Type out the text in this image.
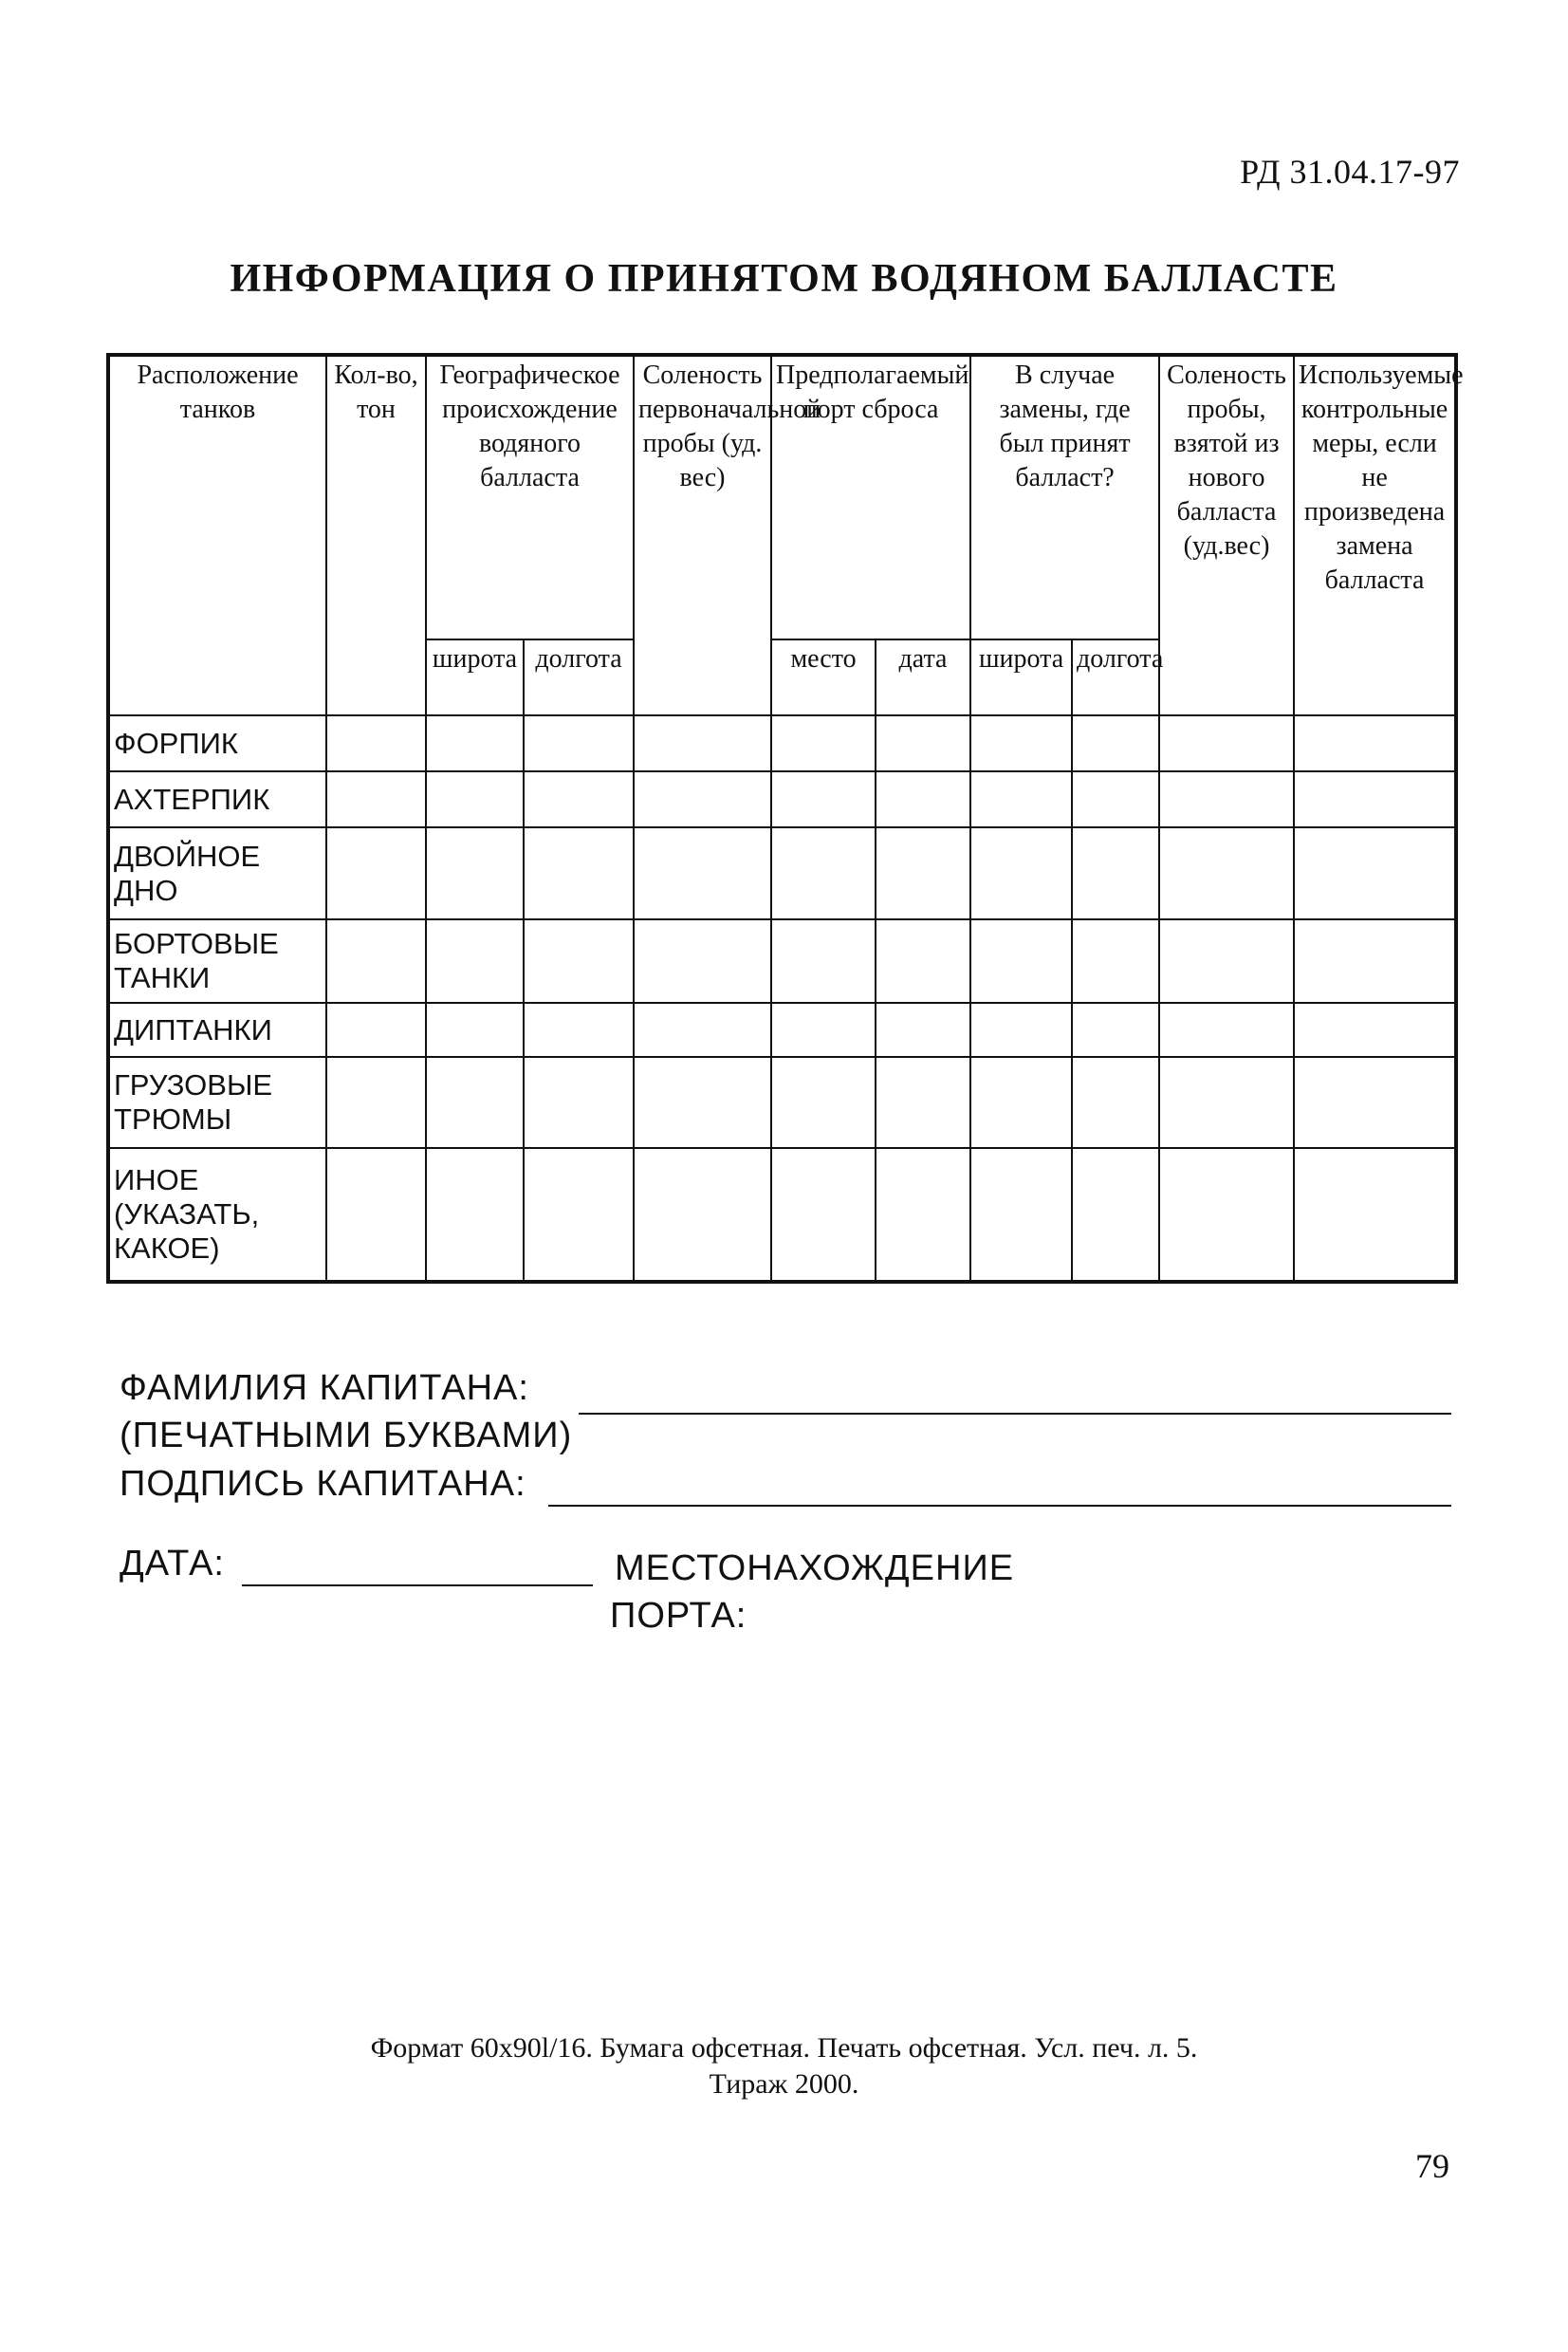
РД 31.04.17-97
ИНФОРМАЦИЯ О ПРИНЯТОМ ВОДЯНОМ БАЛЛАСТЕ
Расположение танков	Кол-во, тон	Географическое происхождение водяного балласта		Соленость первоначальной пробы (уд. вес)	Предполагаемый порт сброса		В случае замены, где был принят балласт?		Соленость пробы, взятой из нового балласта (уд.вес)	Используемые контрольные меры, если не произведена замена балласта
		широта	долгота		место	дата	широта	долгота		
ФОРПИК										
АХТЕРПИК										
ДВОЙНОЕ ДНО										
БОРТОВЫЕ ТАНКИ										
ДИПТАНКИ										
ГРУЗОВЫЕ ТРЮМЫ										
ИНОЕ (УКАЗАТЬ, КАКОЕ)										
ФАМИЛИЯ КАПИТАНА:
(ПЕЧАТНЫМИ БУКВАМИ)
ПОДПИСЬ КАПИТАНА:
ДАТА:	МЕСТОНАХОЖДЕНИЕ
ПОРТА:
Формат 60x90l/16. Бумага офсетная. Печать офсетная. Усл. печ. л. 5.
Тираж 2000.
79
